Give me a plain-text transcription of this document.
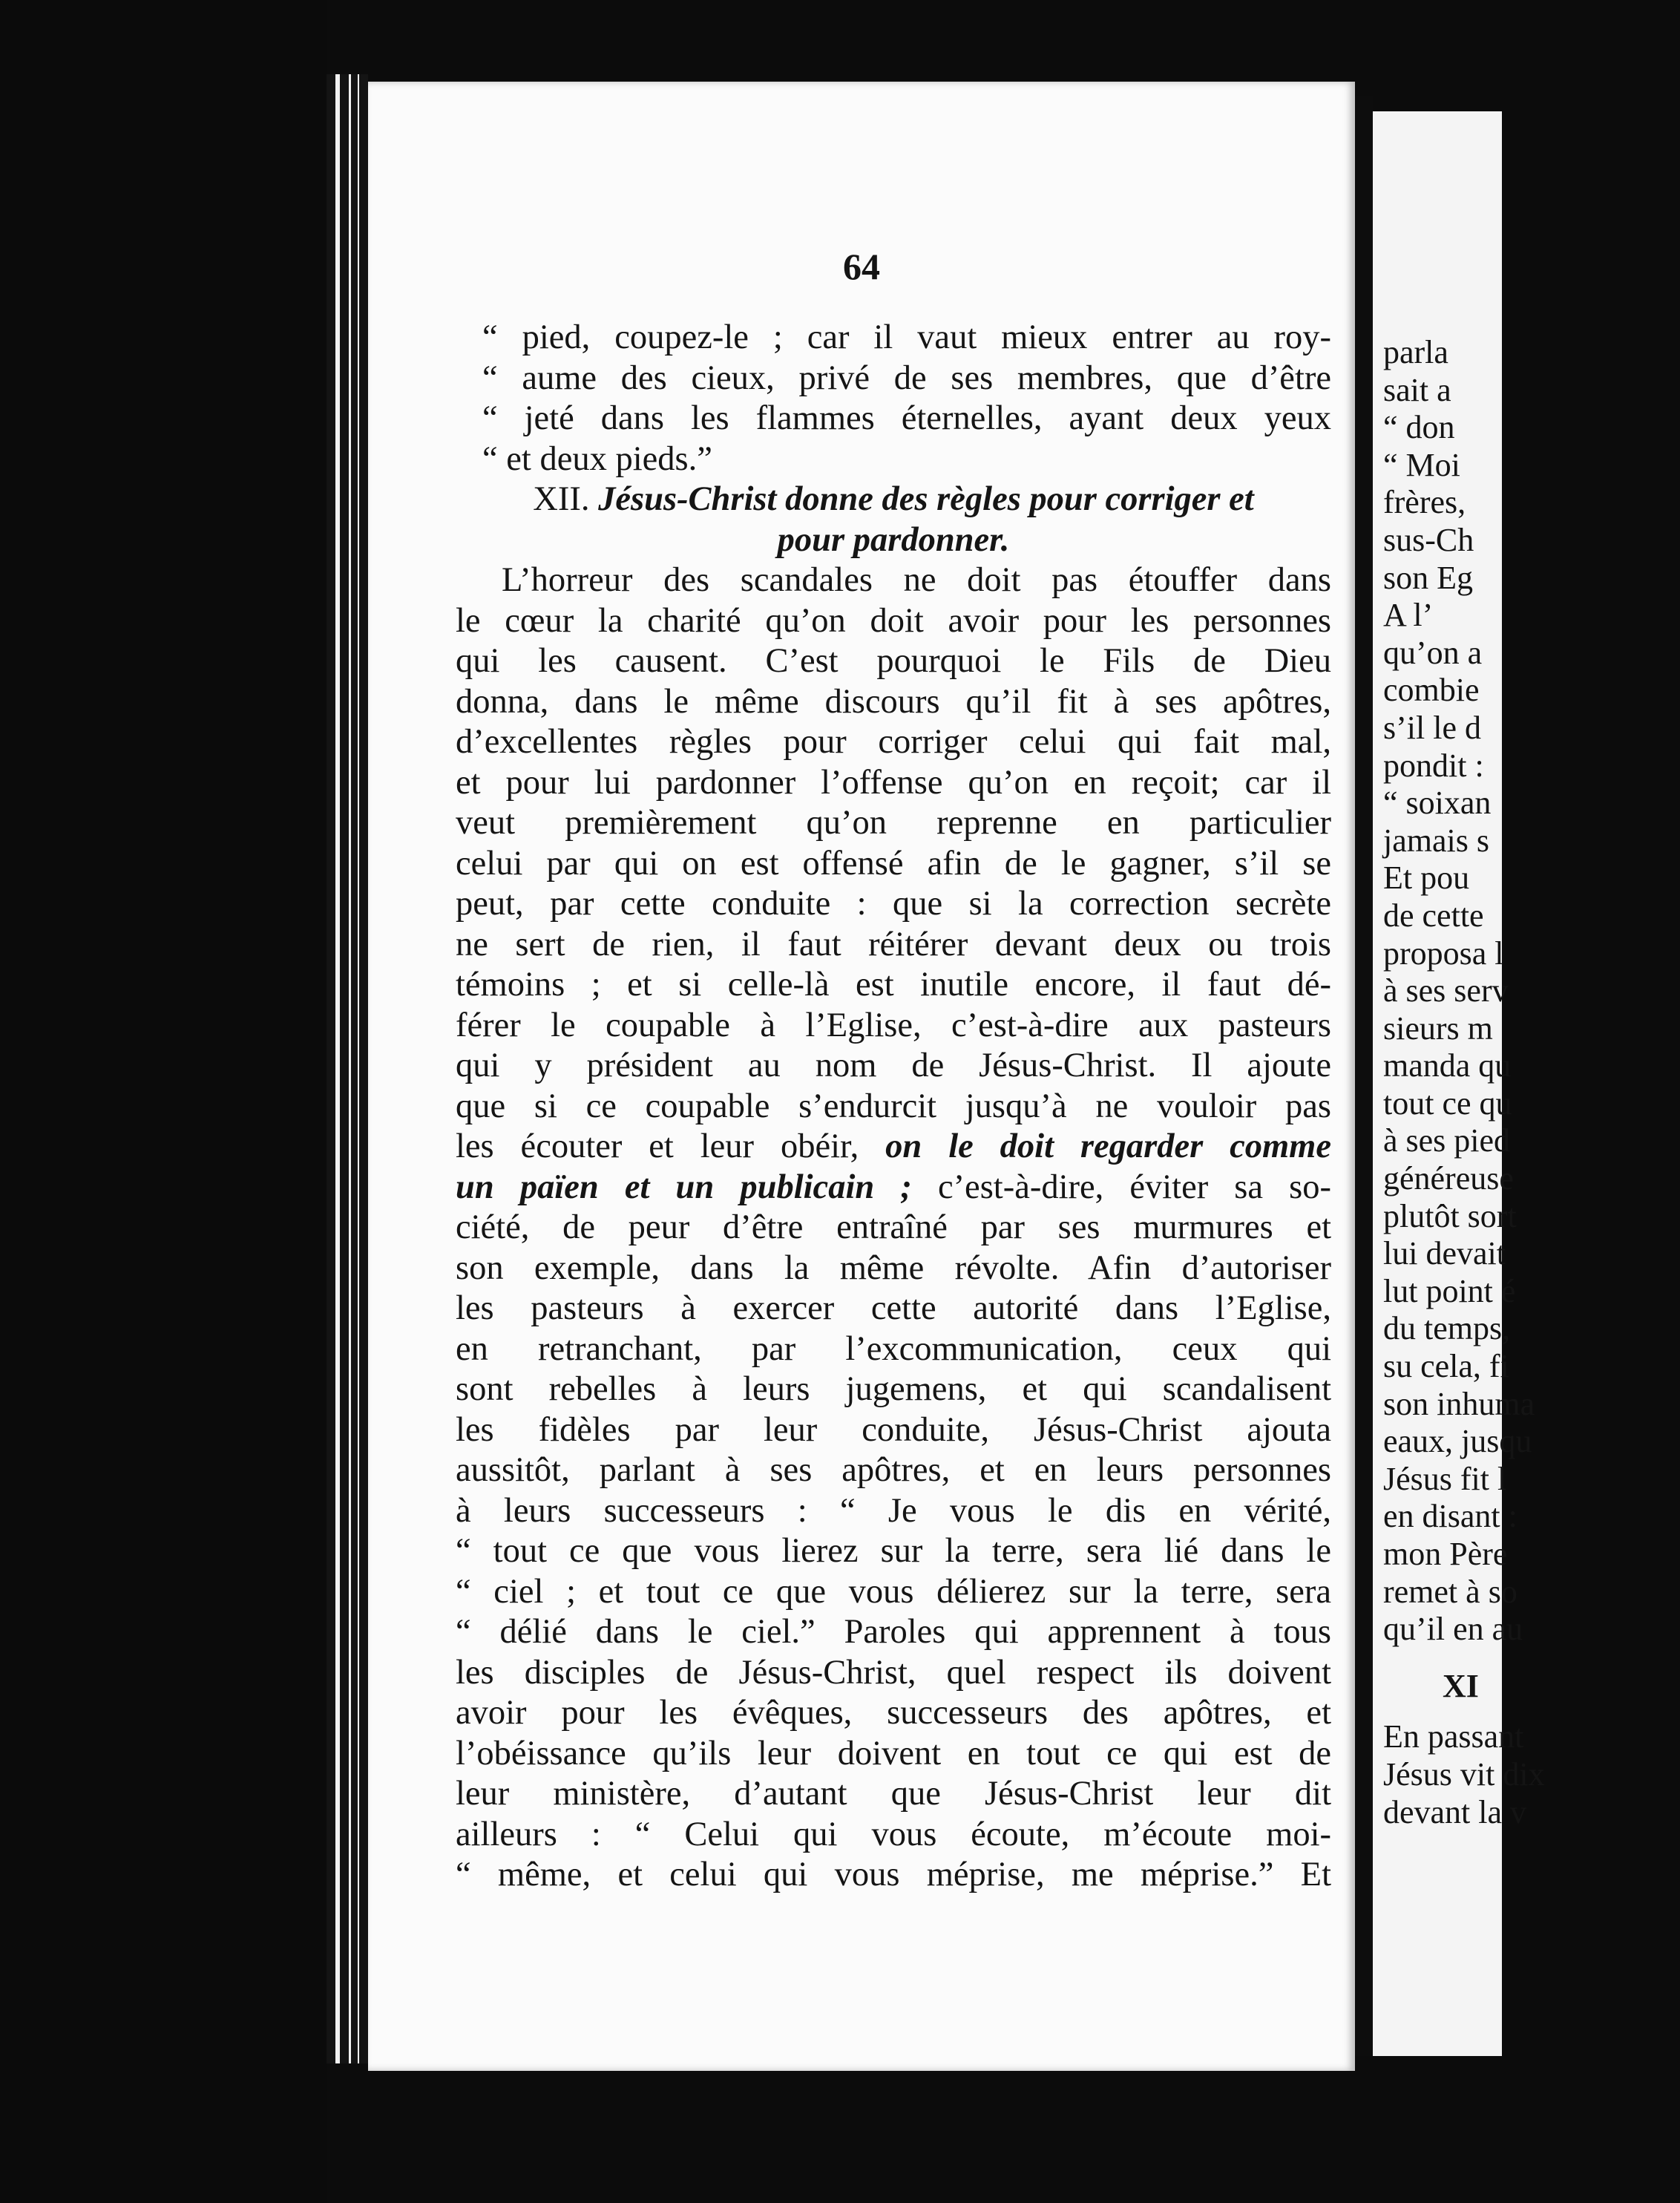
64
“ pied, coupez-le ; car il vaut mieux entrer au roy-
“ aume des cieux, privé de ses membres, que d’être
“ jeté dans les flammes éternelles, ayant deux yeux
“ et deux pieds.”
XII. Jésus-Christ donne des règles pour corriger et
pour pardonner.
L’horreur des scandales ne doit pas étouffer dans
le cœur la charité qu’on doit avoir pour les personnes
qui les causent. C’est pourquoi le Fils de Dieu
donna, dans le même discours qu’il fit à ses apôtres,
d’excellentes règles pour corriger celui qui fait mal,
et pour lui pardonner l’offense qu’on en reçoit; car il
veut premièrement qu’on reprenne en particulier
celui par qui on est offensé afin de le gagner, s’il se
peut, par cette conduite : que si la correction secrète
ne sert de rien, il faut réitérer devant deux ou trois
témoins ; et si celle-là est inutile encore, il faut dé-
férer le coupable à l’Eglise, c’est-à-dire aux pasteurs
qui y président au nom de Jésus-Christ. Il ajoute
que si ce coupable s’endurcit jusqu’à ne vouloir pas
les écouter et leur obéir, on le doit regarder comme
un païen et un publicain ; c’est-à-dire, éviter sa so-
ciété, de peur d’être entraîné par ses murmures et
son exemple, dans la même révolte. Afin d’autoriser
les pasteurs à exercer cette autorité dans l’Eglise,
en retranchant, par l’excommunication, ceux qui
sont rebelles à leurs jugemens, et qui scandalisent
les fidèles par leur conduite, Jésus-Christ ajouta
aussitôt, parlant à ses apôtres, et en leurs personnes
à leurs successeurs : “ Je vous le dis en vérité,
“ tout ce que vous lierez sur la terre, sera lié dans le
“ ciel ; et tout ce que vous délierez sur la terre, sera
“ délié dans le ciel.” Paroles qui apprennent à tous
les disciples de Jésus-Christ, quel respect ils doivent
avoir pour les évêques, successeurs des apôtres, et
l’obéissance qu’ils leur doivent en tout ce qui est de
leur ministère, d’autant que Jésus-Christ leur dit
ailleurs : “ Celui qui vous écoute, m’écoute moi-
“ même, et celui qui vous méprise, me méprise.” Et
parla
sait a
“ don
“ Moi
frères,
sus-Ch
son Eg
A l’
qu’on a
combie
s’il le d
pondit :
“ soixan
jamais s
Et pou
de cette
proposa l
à ses serv
sieurs m
manda qu
tout ce qu
à ses pied
généreuse
plutôt sort
lui devait
lut point é
du temps,
su cela, fi
son inhuma
eaux, jusqu
Jésus fit l
en disant :
mon Père
remet à so
qu’il en au
XI
En passant
Jésus vit dix
devant la v
